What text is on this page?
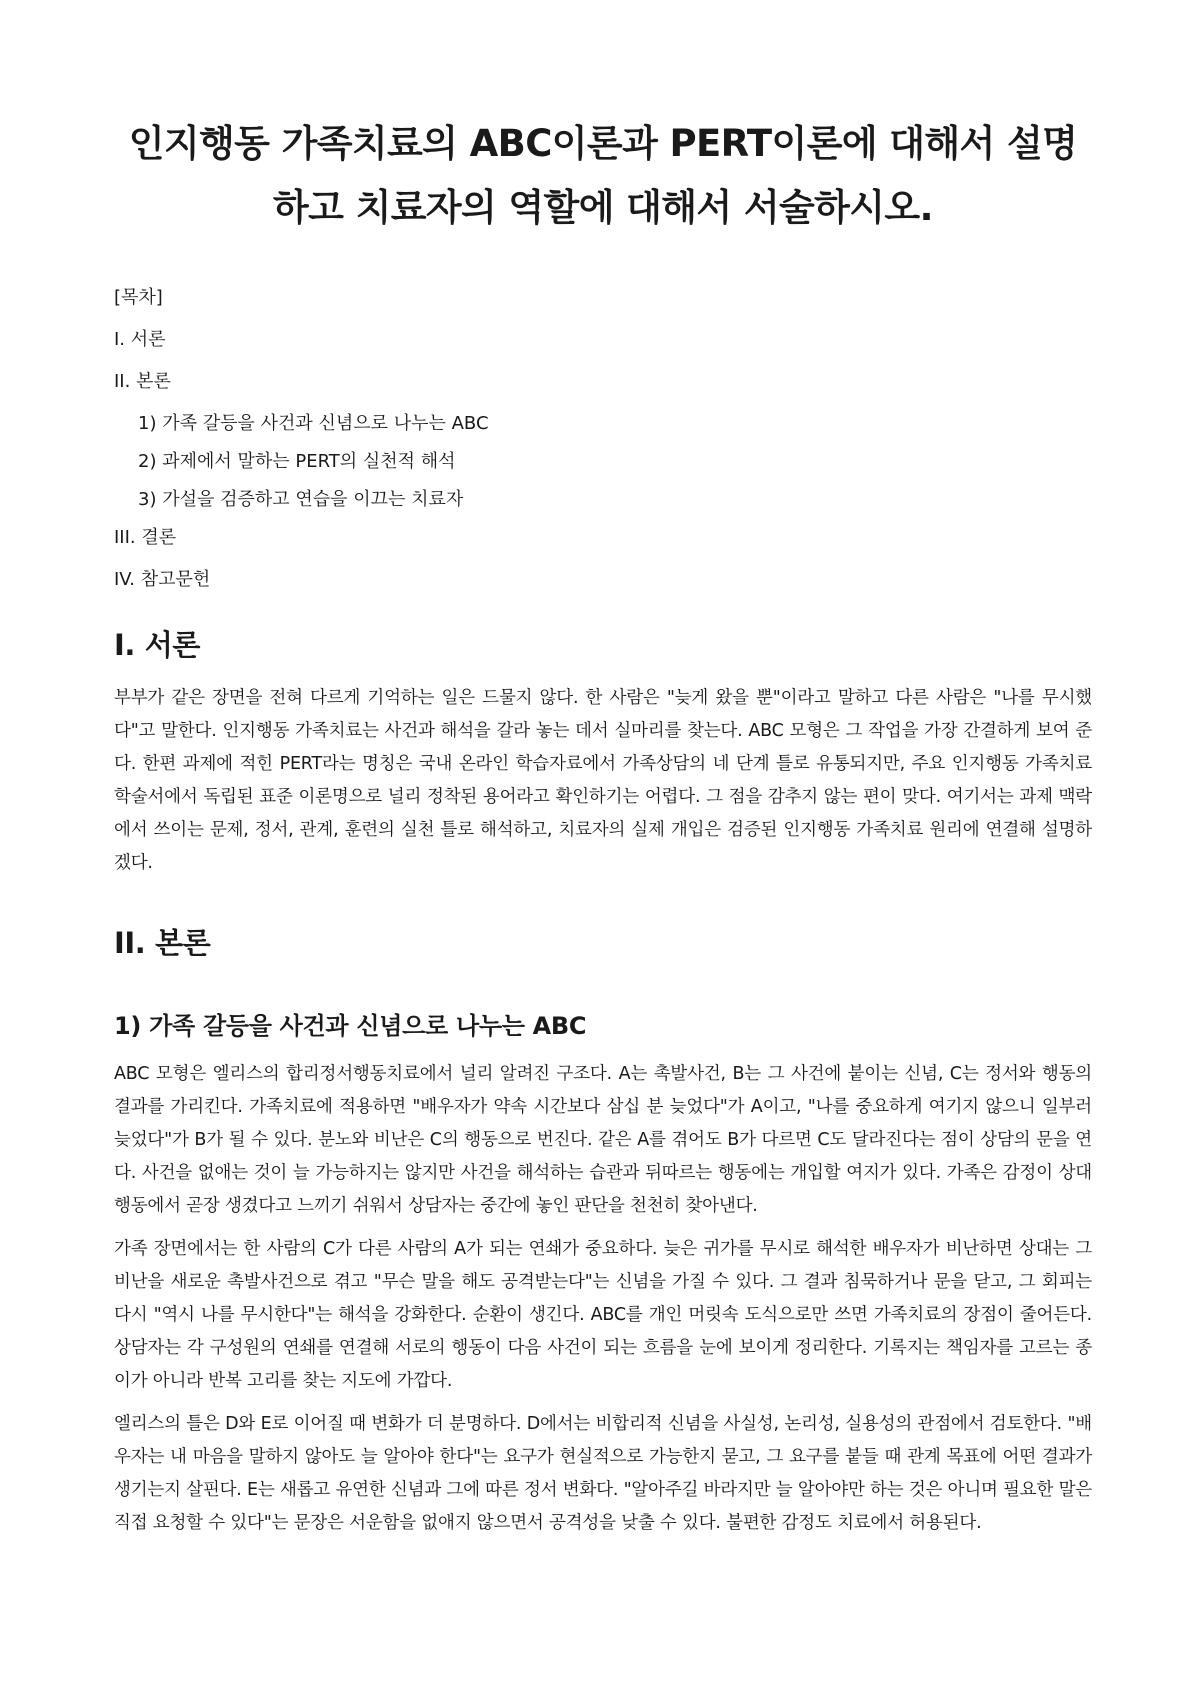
인지행동 가족치료의 ABC이론과 PERT이론에 대해서 설명하고 치료자의 역할에 대해서 서술하시오.
[목차]
I. 서론
II. 본론
1) 가족 갈등을 사건과 신념으로 나누는 ABC
2) 과제에서 말하는 PERT의 실천적 해석
3) 가설을 검증하고 연습을 이끄는 치료자
III. 결론
IV. 참고문헌
I. 서론

부부가 같은 장면을 전혀 다르게 기억하는 일은 드물지 않다. 한 사람은 "늦게 왔을 뿐"이라고 말하고 다른 사람은 "나를 무시했다"고 말한다. 인지행동 가족치료는 사건과 해석을 갈라 놓는 데서 실마리를 찾는다. ABC 모형은 그 작업을 가장 간결하게 보여 준다. 한편 과제에 적힌 PERT라는 명칭은 국내 온라인 학습자료에서 가족상담의 네 단계 틀로 유통되지만, 주요 인지행동 가족치료 학술서에서 독립된 표준 이론명으로 널리 정착된 용어라고 확인하기는 어렵다. 그 점을 감추지 않는 편이 맞다. 여기서는 과제 맥락에서 쓰이는 문제, 정서, 관계, 훈련의 실천 틀로 해석하고, 치료자의 실제 개입은 검증된 인지행동 가족치료 원리에 연결해 설명하겠다.

II. 본론
1) 가족 갈등을 사건과 신념으로 나누는 ABC

ABC 모형은 엘리스의 합리정서행동치료에서 널리 알려진 구조다. A는 촉발사건, B는 그 사건에 붙이는 신념, C는 정서와 행동의 결과를 가리킨다. 가족치료에 적용하면 "배우자가 약속 시간보다 삼십 분 늦었다"가 A이고, "나를 중요하게 여기지 않으니 일부러 늦었다"가 B가 될 수 있다. 분노와 비난은 C의 행동으로 번진다. 같은 A를 겪어도 B가 다르면 C도 달라진다는 점이 상담의 문을 연다. 사건을 없애는 것이 늘 가능하지는 않지만 사건을 해석하는 습관과 뒤따르는 행동에는 개입할 여지가 있다. 가족은 감정이 상대 행동에서 곧장 생겼다고 느끼기 쉬워서 상담자는 중간에 놓인 판단을 천천히 찾아낸다.

가족 장면에서는 한 사람의 C가 다른 사람의 A가 되는 연쇄가 중요하다. 늦은 귀가를 무시로 해석한 배우자가 비난하면 상대는 그 비난을 새로운 촉발사건으로 겪고 "무슨 말을 해도 공격받는다"는 신념을 가질 수 있다. 그 결과 침묵하거나 문을 닫고, 그 회피는 다시 "역시 나를 무시한다"는 해석을 강화한다. 순환이 생긴다. ABC를 개인 머릿속 도식으로만 쓰면 가족치료의 장점이 줄어든다. 상담자는 각 구성원의 연쇄를 연결해 서로의 행동이 다음 사건이 되는 흐름을 눈에 보이게 정리한다. 기록지는 책임자를 고르는 종이가 아니라 반복 고리를 찾는 지도에 가깝다.

엘리스의 틀은 D와 E로 이어질 때 변화가 더 분명하다. D에서는 비합리적 신념을 사실성, 논리성, 실용성의 관점에서 검토한다. "배우자는 내 마음을 말하지 않아도 늘 알아야 한다"는 요구가 현실적으로 가능한지 묻고, 그 요구를 붙들 때 관계 목표에 어떤 결과가 생기는지 살핀다. E는 새롭고 유연한 신념과 그에 따른 정서 변화다. "알아주길 바라지만 늘 알아야만 하는 것은 아니며 필요한 말은 직접 요청할 수 있다"는 문장은 서운함을 없애지 않으면서 공격성을 낮출 수 있다. 불편한 감정도 치료에서 허용된다.
